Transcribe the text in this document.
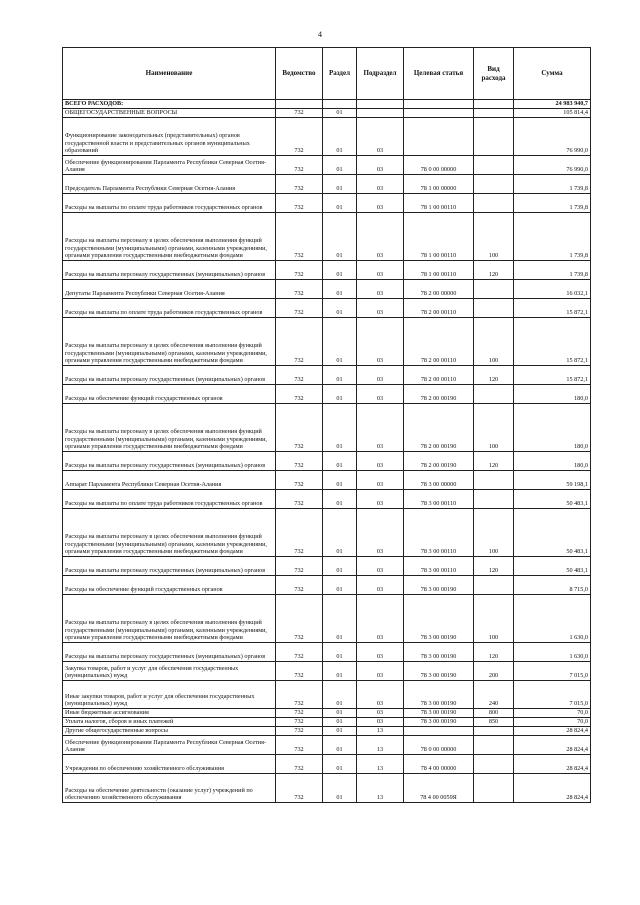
4
Наименование	Ведомство	Раздел	Подраздел	Целевая статья	Вид расхода	Сумма
ВСЕГО РАСХОДОВ:						24 983 940,7
ОБЩЕГОСУДАРСТВЕННЫЕ ВОПРОСЫ	732	01				105 814,4
Функционирование законодательных (представительных) органов государственной власти и представительных органов муниципальных образований	732	01	03			76 990,0
Обеспечение функционирования Парламента Республики Северная Осетия-Алания	732	01	03	78 0 00 00000		76 990,0
Председатель Парламента Республики Северная Осетия-Алания	732	01	03	78 1 00 00000		1 739,8
Расходы на выплаты по оплате труда работников государственных органов	732	01	03	78 1 00 00110		1 739,8
Расходы на выплаты персоналу в целях обеспечения выполнения функций государственными (муниципальными) органами, казенными учреждениями, органами управления государственными внебюджетными фондами	732	01	03	78 1 00 00110	100	1 739,8
Расходы на выплаты персоналу государственных (муниципальных) органов	732	01	03	78 1 00 00110	120	1 739,8
Депутаты Парламента Республики Северная Осетия-Алания	732	01	03	78 2 00 00000		16 032,1
Расходы на выплаты по оплате труда работников государственных органов	732	01	03	78 2 00 00110		15 872,1
Расходы на выплаты персоналу в целях обеспечения выполнения функций государственными (муниципальными) органами, казенными учреждениями, органами управления государственными внебюджетными фондами	732	01	03	78 2 00 00110	100	15 872,1
Расходы на выплаты персоналу государственных (муниципальных) органов	732	01	03	78 2 00 00110	120	15 872,1
Расходы на обеспечение функций государственных органов	732	01	03	78 2 00 00190		180,0
Расходы на выплаты персоналу в целях обеспечения выполнения функций государственными (муниципальными) органами, казенными учреждениями, органами управления государственными внебюджетными фондами	732	01	03	78 2 00 00190	100	180,0
Расходы на выплаты персоналу государственных (муниципальных) органов	732	01	03	78 2 00 00190	120	180,0
Аппарат Парламента Республики Северная Осетия-Алания	732	01	03	78 3 00 00000		59 198,1
Расходы на выплаты по оплате труда работников государственных органов	732	01	03	78 3 00 00110		50 483,1
Расходы на выплаты персоналу в целях обеспечения выполнения функций государственными (муниципальными) органами, казенными учреждениями, органами управления государственными внебюджетными фондами	732	01	03	78 3 00 00110	100	50 483,1
Расходы на выплаты персоналу государственных (муниципальных) органов	732	01	03	78 3 00 00110	120	50 483,1
Расходы на обеспечение функций государственных органов	732	01	03	78 3 00 00190		8 715,0
Расходы на выплаты персоналу в целях обеспечения выполнения функций государственными (муниципальными) органами, казенными учреждениями, органами управления государственными внебюджетными фондами	732	01	03	78 3 00 00190	100	1 630,0
Расходы на выплаты персоналу государственных (муниципальных) органов	732	01	03	78 3 00 00190	120	1 630,0
Закупка товаров, работ и услуг для обеспечения государственных (муниципальных) нужд	732	01	03	78 3 00 00190	200	7 015,0
Иные закупки товаров, работ и услуг для обеспечения государственных (муниципальных) нужд	732	01	03	78 3 00 00190	240	7 015,0
Иные бюджетные ассигнования	732	01	03	78 3 00 00190	800	70,0
Уплата налогов, сборов и иных платежей	732	01	03	78 3 00 00190	850	70,0
Другие общегосударственные вопросы	732	01	13			28 824,4
Обеспечение функционирования Парламента Республики Северная Осетия-Алания	732	01	13	78 0 00 00000		28 824,4
Учреждения по обеспечению хозяйственного обслуживания	732	01	13	78 4 00 00000		28 824,4
Расходы на обеспечение деятельности (оказание услуг) учреждений по обеспечению хозяйственного обслуживания	732	01	13	78 4 00 0059Я		28 824,4
